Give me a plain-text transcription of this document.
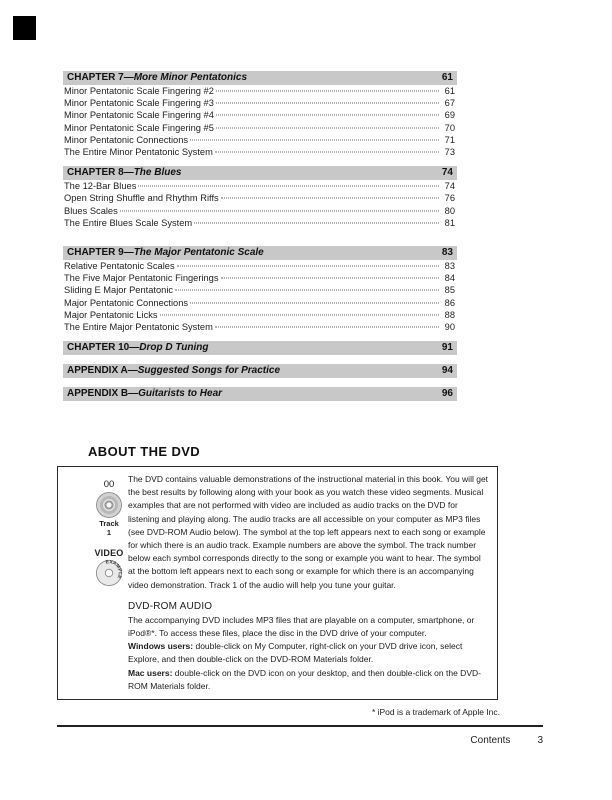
CHAPTER 7 —More Minor Pentatonics	61
Minor Pentatonic Scale Fingering #2	61
Minor Pentatonic Scale Fingering #3	67
Minor Pentatonic Scale Fingering #4	69
Minor Pentatonic Scale Fingering #5	70
Minor Pentatonic Connections	71
The Entire Minor Pentatonic System	73
CHAPTER 8 —The Blues	74
The 12-Bar Blues	74
Open String Shuffle and Rhythm Riffs	76
Blues Scales	80
The Entire Blues Scale System	81
CHAPTER 9 —The Major Pentatonic Scale	83
Relative Pentatonic Scales	83
The Five Major Pentatonic Fingerings	84
Sliding E Major Pentatonic	85
Major Pentatonic Connections	86
Major Pentatonic Licks	88
The Entire Major Pentatonic System	90
CHAPTER 10 —Drop D Tuning	91
APPENDIX A —Suggested Songs for Practice	94
APPENDIX B —Guitarists to Hear	96
ABOUT THE DVD
00
Track
1
VIDEO
EXAMPLE

The DVD contains valuable demonstrations of the instructional material in this book. You will get the best results by following along with your book as you watch these video segments. Musical examples that are not performed with video are included as audio tracks on the DVD for listening and playing along. The audio tracks are all accessible on your computer as MP3 files (see DVD-ROM Audio below). The symbol at the top left appears next to each song or example for which there is an audio track. Example numbers are above the symbol. The track number below each symbol corresponds directly to the song or example you want to hear. The symbol at the bottom left appears next to each song or example for which there is an accompanying video demonstration. Track 1 of the audio will help you tune your guitar.

DVD-ROM AUDIO

The accompanying DVD includes MP3 files that are playable on a computer, smartphone, or iPod®*. To access these files, place the disc in the DVD drive of your computer.
Windows users: double-click on My Computer, right-click on your DVD drive icon, select Explore, and then double-click on the DVD-ROM Materials folder.
Mac users: double-click on the DVD icon on your desktop, and then double-click on the DVD-ROM Materials folder.

* iPod is a trademark of Apple Inc.
Contents	3
